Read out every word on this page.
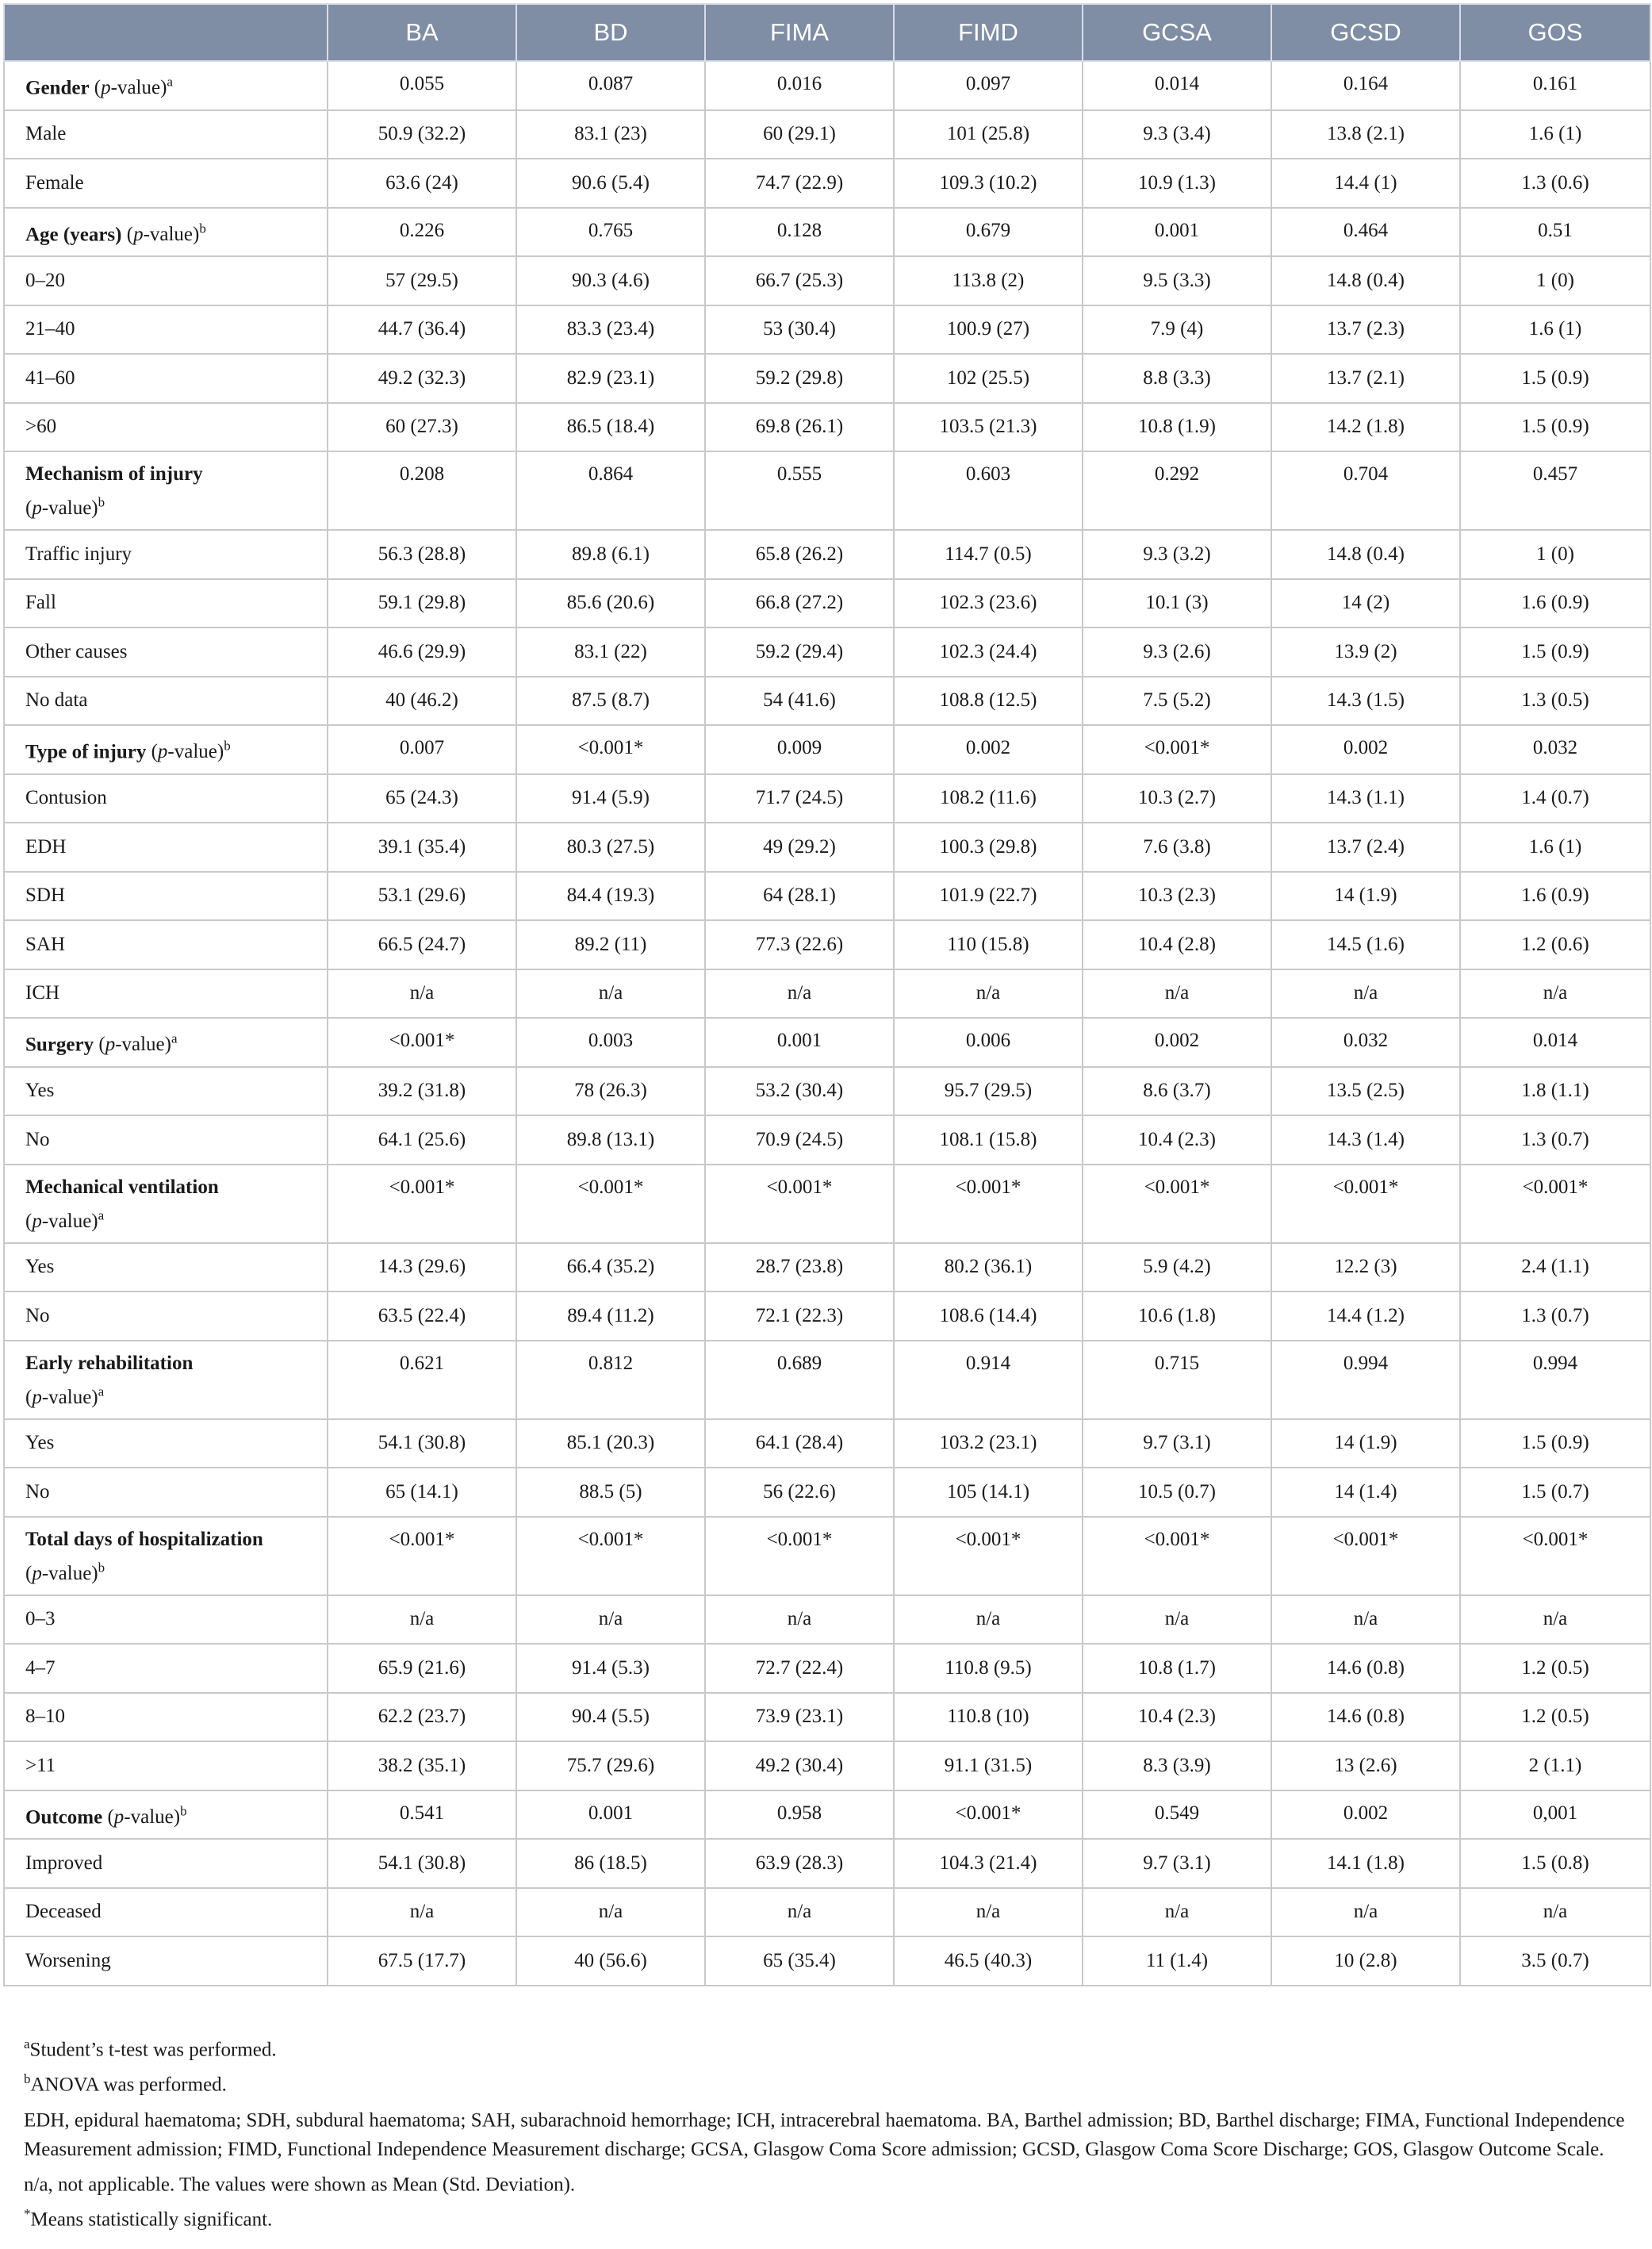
	BA	BD	FIMA	FIMD	GCSA	GCSD	GOS
Gender (p-value)$^a$	0.055	0.087	0.016	0.097	0.014	0.164	0.161
Male	50.9 (32.2)	83.1 (23)	60 (29.1)	101 (25.8)	9.3 (3.4)	13.8 (2.1)	1.6 (1)
Female	63.6 (24)	90.6 (5.4)	74.7 (22.9)	109.3 (10.2)	10.9 (1.3)	14.4 (1)	1.3 (0.6)
Age (years) (p-value)$^b$	0.226	0.765	0.128	0.679	0.001	0.464	0.51
0–20	57 (29.5)	90.3 (4.6)	66.7 (25.3)	113.8 (2)	9.5 (3.3)	14.8 (0.4)	1 (0)
21–40	44.7 (36.4)	83.3 (23.4)	53 (30.4)	100.9 (27)	7.9 (4)	13.7 (2.3)	1.6 (1)
41–60	49.2 (32.3)	82.9 (23.1)	59.2 (29.8)	102 (25.5)	8.8 (3.3)	13.7 (2.1)	1.5 (0.9)
>60	60 (27.3)	86.5 (18.4)	69.8 (26.1)	103.5 (21.3)	10.8 (1.9)	14.2 (1.8)	1.5 (0.9)
Mechanism of injury
(p-value)$^b$	0.208	0.864	0.555	0.603	0.292	0.704	0.457
Traffic injury	56.3 (28.8)	89.8 (6.1)	65.8 (26.2)	114.7 (0.5)	9.3 (3.2)	14.8 (0.4)	1 (0)
Fall	59.1 (29.8)	85.6 (20.6)	66.8 (27.2)	102.3 (23.6)	10.1 (3)	14 (2)	1.6 (0.9)
Other causes	46.6 (29.9)	83.1 (22)	59.2 (29.4)	102.3 (24.4)	9.3 (2.6)	13.9 (2)	1.5 (0.9)
No data	40 (46.2)	87.5 (8.7)	54 (41.6)	108.8 (12.5)	7.5 (5.2)	14.3 (1.5)	1.3 (0.5)
Type of injury (p-value)$^b$	0.007	<0.001*	0.009	0.002	<0.001*	0.002	0.032
Contusion	65 (24.3)	91.4 (5.9)	71.7 (24.5)	108.2 (11.6)	10.3 (2.7)	14.3 (1.1)	1.4 (0.7)
EDH	39.1 (35.4)	80.3 (27.5)	49 (29.2)	100.3 (29.8)	7.6 (3.8)	13.7 (2.4)	1.6 (1)
SDH	53.1 (29.6)	84.4 (19.3)	64 (28.1)	101.9 (22.7)	10.3 (2.3)	14 (1.9)	1.6 (0.9)
SAH	66.5 (24.7)	89.2 (11)	77.3 (22.6)	110 (15.8)	10.4 (2.8)	14.5 (1.6)	1.2 (0.6)
ICH	n/a	n/a	n/a	n/a	n/a	n/a	n/a
Surgery (p-value)$^a$	<0.001*	0.003	0.001	0.006	0.002	0.032	0.014
Yes	39.2 (31.8)	78 (26.3)	53.2 (30.4)	95.7 (29.5)	8.6 (3.7)	13.5 (2.5)	1.8 (1.1)
No	64.1 (25.6)	89.8 (13.1)	70.9 (24.5)	108.1 (15.8)	10.4 (2.3)	14.3 (1.4)	1.3 (0.7)
Mechanical ventilation
(p-value)$^a$	<0.001*	<0.001*	<0.001*	<0.001*	<0.001*	<0.001*	<0.001*
Yes	14.3 (29.6)	66.4 (35.2)	28.7 (23.8)	80.2 (36.1)	5.9 (4.2)	12.2 (3)	2.4 (1.1)
No	63.5 (22.4)	89.4 (11.2)	72.1 (22.3)	108.6 (14.4)	10.6 (1.8)	14.4 (1.2)	1.3 (0.7)
Early rehabilitation
(p-value)$^a$	0.621	0.812	0.689	0.914	0.715	0.994	0.994
Yes	54.1 (30.8)	85.1 (20.3)	64.1 (28.4)	103.2 (23.1)	9.7 (3.1)	14 (1.9)	1.5 (0.9)
No	65 (14.1)	88.5 (5)	56 (22.6)	105 (14.1)	10.5 (0.7)	14 (1.4)	1.5 (0.7)
Total days of hospitalization
(p-value)$^b$	<0.001*	<0.001*	<0.001*	<0.001*	<0.001*	<0.001*	<0.001*
0–3	n/a	n/a	n/a	n/a	n/a	n/a	n/a
4–7	65.9 (21.6)	91.4 (5.3)	72.7 (22.4)	110.8 (9.5)	10.8 (1.7)	14.6 (0.8)	1.2 (0.5)
8–10	62.2 (23.7)	90.4 (5.5)	73.9 (23.1)	110.8 (10)	10.4 (2.3)	14.6 (0.8)	1.2 (0.5)
>11	38.2 (35.1)	75.7 (29.6)	49.2 (30.4)	91.1 (31.5)	8.3 (3.9)	13 (2.6)	2 (1.1)
Outcome (p-value)$^b$	0.541	0.001	0.958	<0.001*	0.549	0.002	0,001
Improved	54.1 (30.8)	86 (18.5)	63.9 (28.3)	104.3 (21.4)	9.7 (3.1)	14.1 (1.8)	1.5 (0.8)
Deceased	n/a	n/a	n/a	n/a	n/a	n/a	n/a
Worsening	67.5 (17.7)	40 (56.6)	65 (35.4)	46.5 (40.3)	11 (1.4)	10 (2.8)	3.5 (0.7)

$^a$Student’s t-test was performed.

$^b$ANOVA was performed.

EDH, epidural haematoma; SDH, subdural haematoma; SAH, subarachnoid hemorrhage; ICH, intracerebral haematoma. BA, Barthel admission; BD, Barthel discharge; FIMA, Functional Independence Measurement admission; FIMD, Functional Independence Measurement discharge; GCSA, Glasgow Coma Score admission; GCSD, Glasgow Coma Score Discharge; GOS, Glasgow Outcome Scale.

n/a, not applicable. The values were shown as Mean (Std. Deviation).

*Means statistically significant.
